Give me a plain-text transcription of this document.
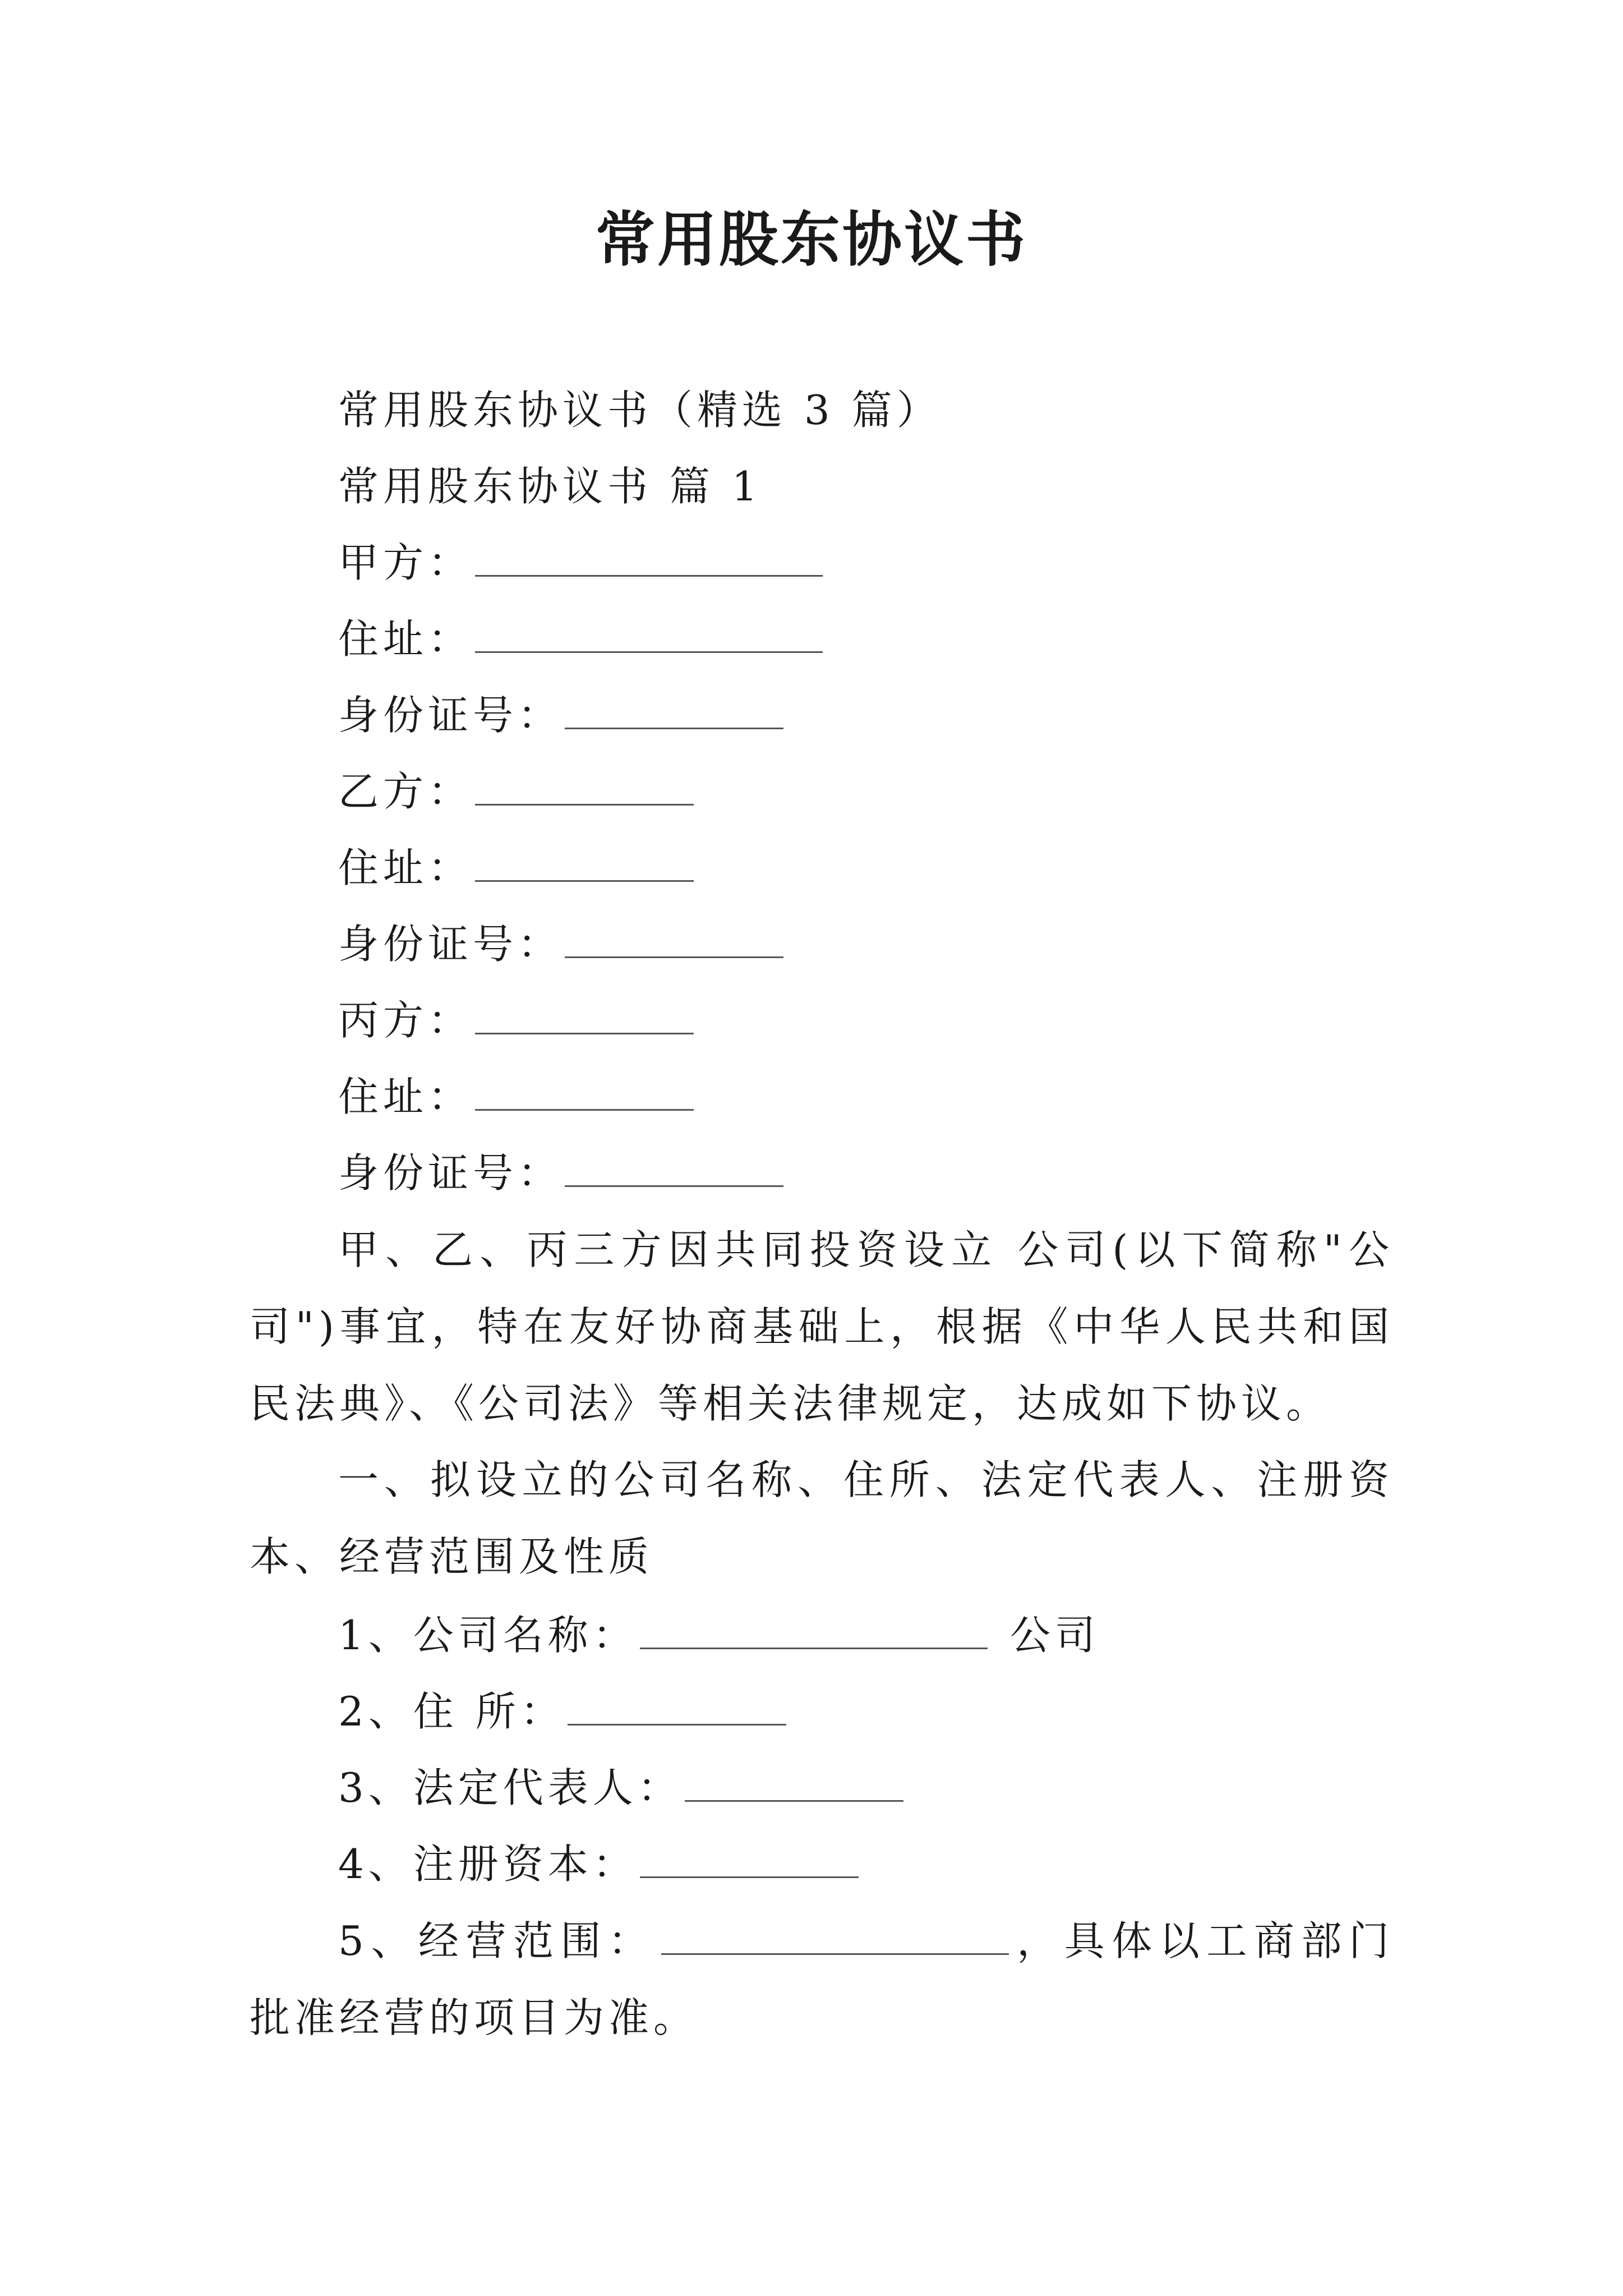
常用股东协议书
常用股东协议书（精选 3 篇）
常用股东协议书 篇 1
甲方：
住址：
身份证号：
乙方：
住址：
身份证号：
丙方：
住址：
身份证号：

甲、乙、丙三方因共同投资设立 公司(以下简称"公司")事宜，特在友好协商基础上，根据《中华人民共和国民法典》、《公司法》等相关法律规定，达成如下协议。

一、拟设立的公司名称、住所、法定代表人、注册资本、经营范围及性质

1、公司名称：	公司
2、住 所：
3、法定代表人：
4、注册资本：

5、经营范围：	，具体以工商部门批准经营的项目为准。
